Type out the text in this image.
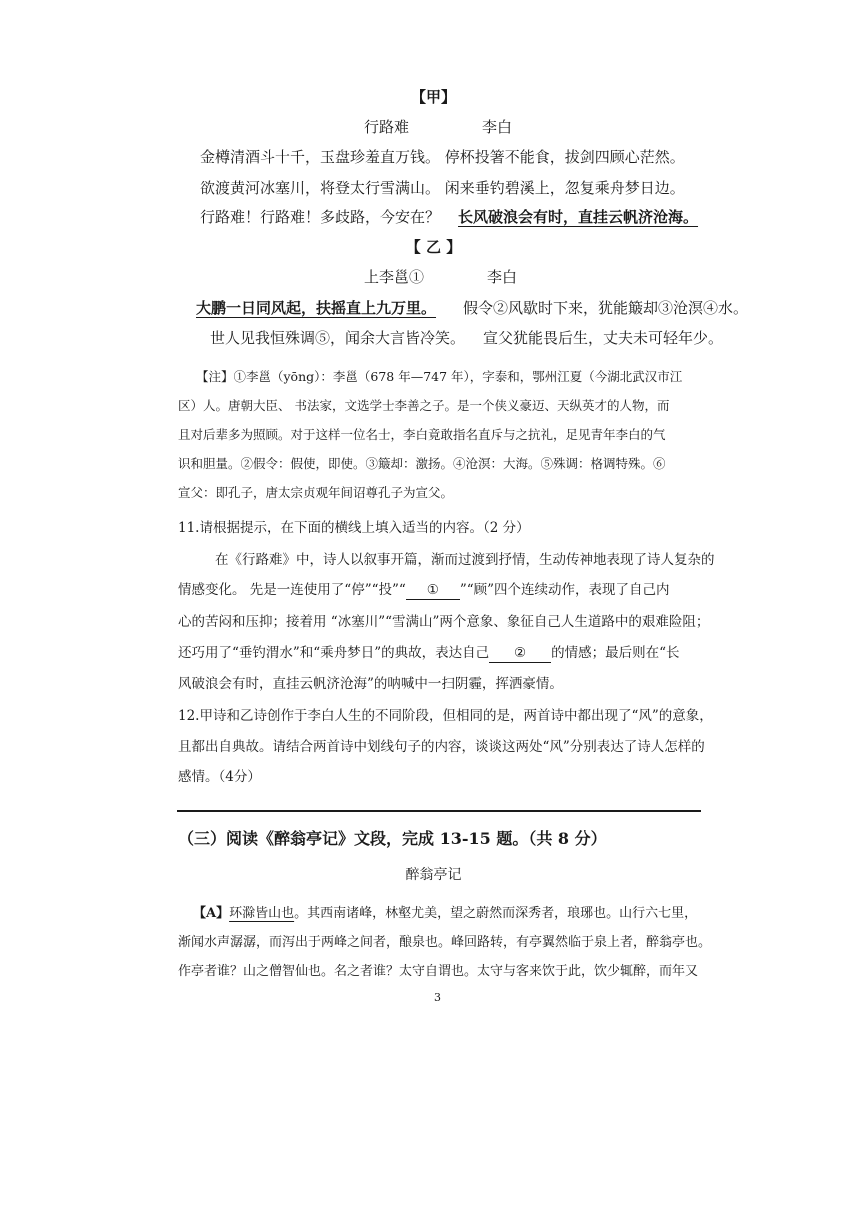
【甲】
行路难	李白
金樽清酒斗十千，玉盘珍羞直万钱。 停杯投箸不能食，拔剑四顾心茫然。
欲渡黄河冰塞川，将登太行雪满山。 闲来垂钓碧溪上，忽复乘舟梦日边。
行路难！行路难！多歧路，今安在？ 长风破浪会有时，直挂云帆济沧海。
【 乙 】
上李邕①	李白
大鹏一日同风起，扶摇直上九万里。 假令②风歇时下来，犹能簸却③沧溟④水。
世人见我恒殊调⑤，闻余大言皆冷笑。 宣父犹能畏后生，丈夫未可轻年少。
【注】①李邕（yōng）：李邕（678 年—747 年），字泰和，鄂州江夏（今湖北武汉市江
区）人。唐朝大臣、 书法家，文选学士李善之子。是一个侠义豪迈、天纵英才的人物，而
且对后辈多为照顾。对于这样一位名士，李白竟敢指名直斥与之抗礼，足见青年李白的气
识和胆量。②假令：假使，即使。③簸却：激扬。④沧溟：大海。⑤殊调：格调特殊。⑥
宣父：即孔子，唐太宗贞观年间诏尊孔子为宣父。
11.请根据提示，在下面的横线上填入适当的内容。（2 分）
在《行路难》中，诗人以叙事开篇，渐而过渡到抒情，生动传神地表现了诗人复杂的
情感变化。 先是一连使用了“停”“投”“ ① ”“顾”四个连续动作，表现了自己内
心的苦闷和压抑；接着用 “冰塞川”“雪满山”两个意象、象征自己人生道路中的艰难险阻；
还巧用了“垂钓渭水”和“乘舟梦日”的典故，表达自己 ② 的情感；最后则在“长
风破浪会有时，直挂云帆济沧海”的呐喊中一扫阴霾，挥洒豪情。
12.甲诗和乙诗创作于李白人生的不同阶段，但相同的是，两首诗中都出现了“风”的意象，
且都出自典故。请结合两首诗中划线句子的内容，谈谈这两处“风”分别表达了诗人怎样的
感情。（4分）
（三）阅读《醉翁亭记》文段，完成 13-15 题。（共 8 分）
醉翁亭记
【A】环滁皆山也。其西南诸峰，林壑尤美，望之蔚然而深秀者，琅琊也。山行六七里，
渐闻水声潺潺，而泻出于两峰之间者，酿泉也。峰回路转，有亭翼然临于泉上者，醉翁亭也。
作亭者谁？山之僧智仙也。名之者谁？太守自谓也。太守与客来饮于此，饮少辄醉，而年又
3
